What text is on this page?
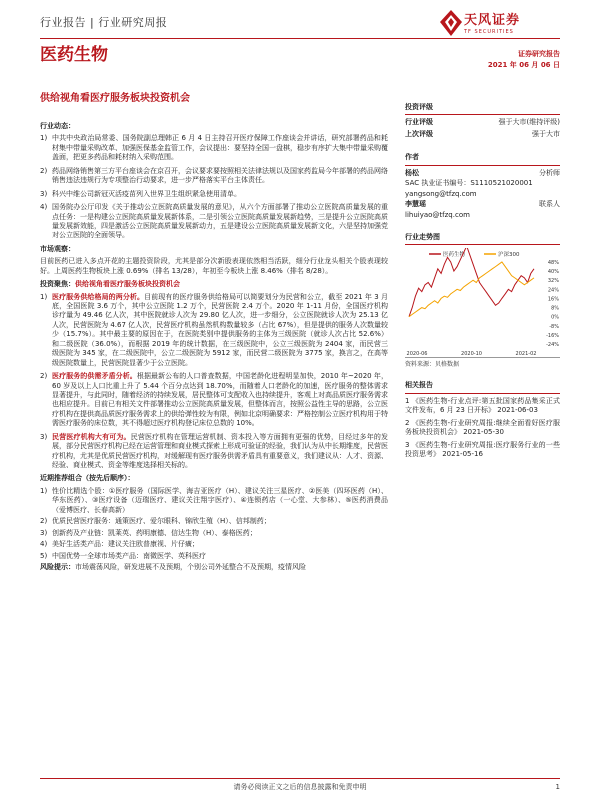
行业报告 | 行业研究周报	天风证券
TF SECURITIES
医药生物	证券研究报告
2021 年 06 月 06 日
供给视角看医疗服务板块投资机会
行业动态：
1) 中共中央政治局常委、国务院副总理韩正 6 月 4 日主持召开医疗保障工作座谈会并讲话，研究部署药品和耗材集中带量采购改革、加强医保基金监管工作，会议提出：要坚持全国一盘棋，稳步有序扩大集中带量采购覆盖面，把更多药品和耗材纳入采购范围。
2) 药品网络销售第三方平台座谈会在京召开，会议要求要按照相关法律法规以及国家药监局今年部署的药品网络销售违法违规行为专项整治行动要求，进一步严格落实平台主体责任。
3) 科兴中维公司新冠灭活疫苗列入世界卫生组织紧急使用清单。
4) 国务院办公厅印发《关于推动公立医院高质量发展的意见》，从六个方面部署了推动公立医院高质量发展的重点任务：一是构建公立医院高质量发展新体系，二是引领公立医院高质量发展新趋势，三是提升公立医院高质量发展新效能，四是激活公立医院高质量发展新动力，五是建设公立医院高质量发展新文化，六是坚持加强党对公立医院的全面领导。
市场观察：
目前医药已进入多点开花的主题投资阶段，尤其是部分次新股表现依然相当活跃，细分行业龙头相关个股表现较好。上周医药生物板块上涨 0.69%（排名 13/28），年初至今板块上涨 8.46%（排名 8/28）。
投资聚焦：供给视角看医疗服务板块投资机会
1) 医疗服务供给格局的两分析。目前现有的医疗服务供给格局可以简要划分为民营和公立，截至 2021 年 3 月底，全国医院 3.6 万个，其中公立医院 1.2 万个，民营医院 2.4 万个。2020 年 1-11 月份，全国医疗机构诊疗量为 49.46 亿人次，其中医院就诊人次为 29.80 亿人次，进一步细分，公立医院就诊人次为 25.13 亿人次，民营医院为 4.67 亿人次，民营医疗机构虽然机构数量较多（占比 67%），但是提供的服务人次数量较少（15.7%）。其中最主要的原因在于，在医院类别中提供服务的主体为三级医院（就诊人次占比 52.6%）和二级医院（36.0%），而根据 2019 年的统计数据，在三级医院中，公立三级医院为 2404 家，而民营三级医院为 345 家，在二级医院中，公立二级医院为 5912 家，而民营二级医院为 3775 家，换言之，在高等级医院数量上，民营医院显著少于公立医院。
2) 医疗服务的供需矛盾分析。根据最新公布的人口普查数据，中国老龄化进程明显加快，2010 年~2020 年，60 岁及以上人口比重上升了 5.44 个百分点达到 18.70%，而随着人口老龄化的加速，医疗服务的整体需求显著提升，与此同时，随着经济的持续发展，居民整体可支配收入也持续提升，客观上对高品质医疗服务需求也相应提升。目前已有相关文件部署推动公立医院高质量发展，但整体而言，按照公益性主导的思路，公立医疗机构在提供高品质医疗服务需求上的供给弹性较为有限，例如北京明确要求：严格控制公立医疗机构用于特需医疗服务的床位数，其不得超过医疗机构登记床位总数的 10%。
3) 民营医疗机构大有可为。民营医疗机构在管理运营机制、资本投入等方面拥有更强的优势，目经过多年的发展，部分民营医疗机构已经在运营管理和商业模式探索上形成可验证的经验，我们认为从中长期维度，民营医疗机构，尤其是优质民营医疗机构，对缓解现有医疗服务供需矛盾具有重要意义，我们建议从：人才、资源、经验、商业模式、资金等维度选择相关标的。
近期推荐组合（按先后顺序）：
1) 性价比精选个股：①医疗服务（国际医学、海吉亚医疗（H）、建议关注三星医疗、②医美（四环医药（H）、华东医药）、③医疗设备（迈瑞医疗、建议关注翔宇医疗）、④连锁药店（一心堂、大参林）、⑤医药消费品（爱博医疗、长春高新）
2) 优质民营医疗服务：通策医疗、爱尔眼科、锦欣生殖（H）、信邦制药；
3) 创新药及产业链：凯莱英、药明康德、信达生物（H）、泰格医药；
4) 美好生活类产品：建议关注欧普康视、片仔癀；
5) 中国优势一全球市场类产品：南微医学、英科医疗
风险提示：市场震荡风险，研发进展不及预期，个别公司外延整合不及预期，疫情风险
投资评级
行业评级	强于大市(维持评级)
上次评级	强于大市
作者
杨松	分析师
SAC 执业证书编号：S1110521020001
yangsong@tfzq.com
李慧瑶	联系人
lihuiyao@tfzq.com
行业走势图
-24%
-16%
-8%
0%
8%
16%
24%
32%
40%
48%
2020-06	2020-10	2021-02
医药生物	沪深300
资料来源：贝格数据
相关报告
1 《医药生物-行业点评:第五批国家药品集采正式文件发布，6 月 23 日开标》 2021-06-03
2 《医药生物-行业研究周报:继续全面看好医疗服务板块投资机会》 2021-05-30
3 《医药生物-行业研究周报:医疗服务行业的一些投资思考》 2021-05-16
请务必阅读正文之后的信息披露和免责申明	1
